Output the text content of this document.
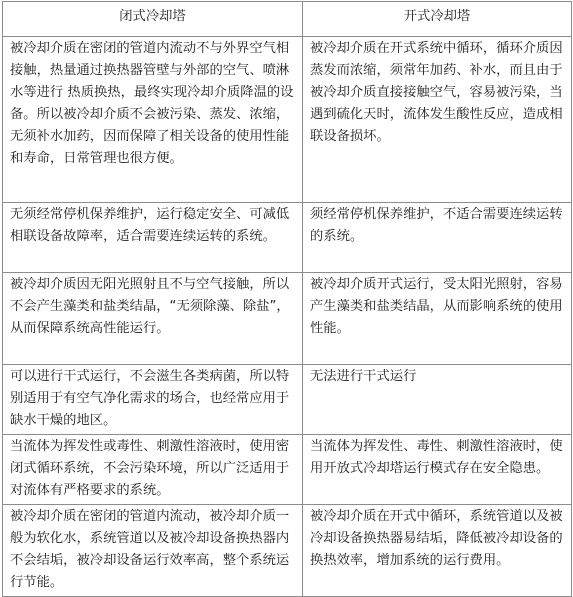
闭式冷却塔	开式冷却塔
被冷却介质在密闭的管道内流动不与外界空气相接触，热量通过换热器管壁与外部的空气、喷淋水等进行 热质换热，最终实现冷却介质降温的设备。所以被冷却介质不会被污染、蒸发、浓缩，无须补水加药，因而保障了相关设备的使用性能和寿命，日常管理也很方便。	被冷却介质在开式系统中循环，循环介质因蒸发而浓缩，须常年加药、补水，而且由于被冷却介质直接接触空气，容易被污染，当遇到硫化天时，流体发生酸性反应，造成相联设备损坏。
无须经常停机保养维护，运行稳定安全、可减低相联设备故障率，适合需要连续运转的系统。	须经常停机保养维护，不适合需要连续运转的系统。
被冷却介质因无阳光照射且不与空气接触，所以不会产生藻类和盐类结晶，“无须除藻、除盐”，从而保障系统高性能运行。	被冷却介质开式运行，受太阳光照射，容易产生藻类和盐类结晶，从而影响系统的使用性能。
可以进行干式运行，不会滋生各类病菌，所以特别适用于有空气净化需求的场合，也经常应用于缺水干燥的地区。	无法进行干式运行
当流体为挥发性或毒性、刺激性溶液时，使用密闭式循环系统，不会污染环境，所以广泛适用于对流体有严格要求的系统。	当流体为挥发性、毒性、刺激性溶液时，使用开放式冷却塔运行模式存在安全隐患。
被冷却介质在密闭的管道内流动，被冷却介质一般为软化水，系统管道以及被冷却设备换热器内不会结垢，被冷却设备运行效率高，整个系统运行节能。	被冷却介质在开式中循环，系统管道以及被冷却设备换热器易结垢，降低被冷却设备的换热效率，增加系统的运行费用。
